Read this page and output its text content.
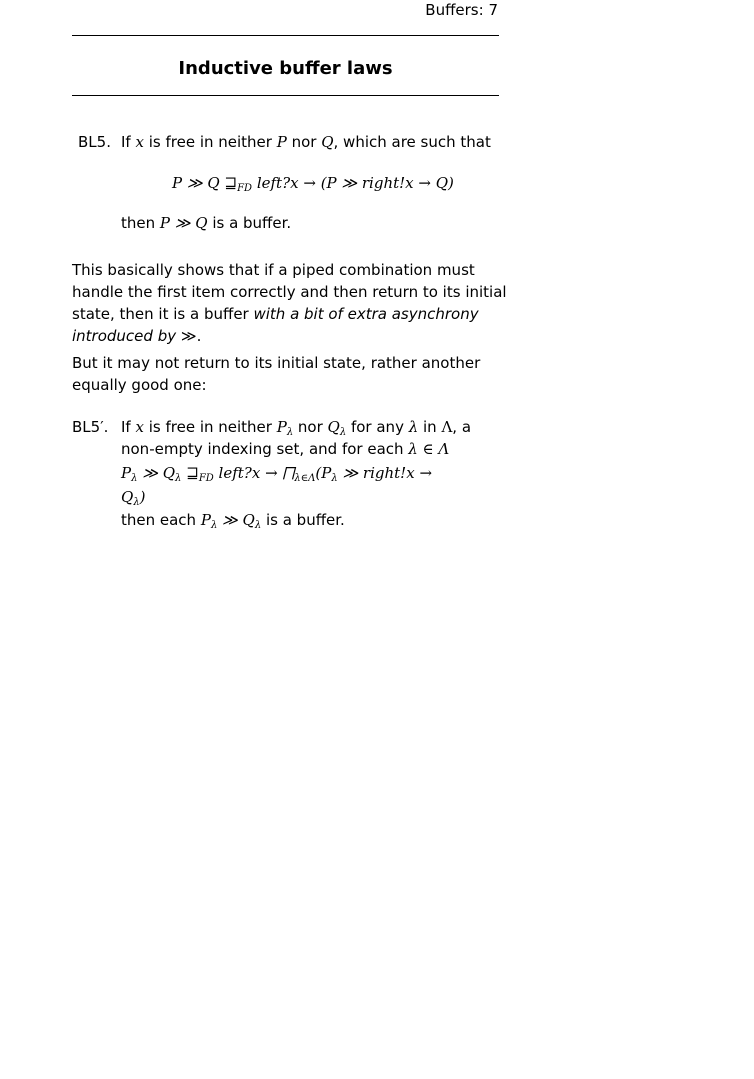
Buffers: 7
Inductive buffer laws
BL5. If x is free in neither P nor Q, which are such that
P ≫ Q $⊒_{FD}$ left?x → (P ≫ right!x → Q)
then P ≫ Q is a buffer.
This basically shows that if a piped combination must
handle the first item correctly and then return to its initial
state, then it is a buffer with a bit of extra asynchrony
introduced by ≫.
But it may not return to its initial state, rather another
equally good one:
BL5′. If x is free in neither $P_\lambda$ nor $Q_\lambda$ for any λ in Λ, a
non-empty indexing set, and for each λ ∈ Λ
$P_\lambda$ ≫ $Q_\lambda$ $⊒_{FD}$ left?x → $⨅_{\lambda\in\Lambda}(P_\lambda$ ≫ right!x →
$Q_\lambda$)
then each $P_\lambda$ ≫ $Q_\lambda$ is a buffer.
